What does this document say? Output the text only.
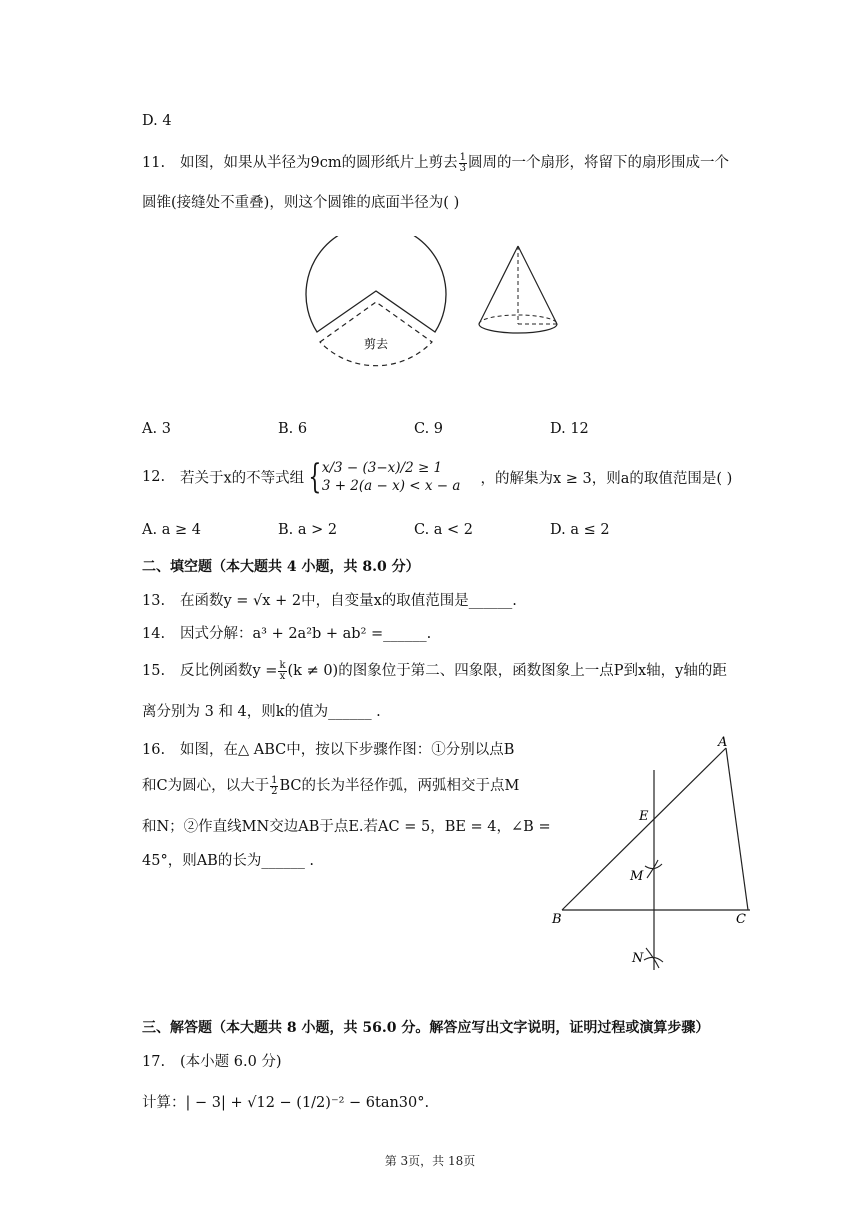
D. 4
11. 如图，如果从半径为9cm的圆形纸片上剪去 $\frac{1}{3}$ 圆周的一个扇形，将留下的扇形围成一个
圆锥(接缝处不重叠)，则这个圆锥的底面半径为( )
剪去
A. 3	B. 6	C. 9	D. 12
12. 若关于x的不等式组 { x/3 − (3−x)/2 ≥ 1
3 + 2(a − x) < x − a ，的解集为x ≥ 3，则a的取值范围是( )
A. a ≥ 4	B. a > 2	C. a < 2	D. a ≤ 2
二、填空题（本大题共 4 小题，共 8.0 分）
13. 在函数y = √x + 2中，自变量x的取值范围是______.
14. 因式分解：a³ + 2a²b + ab² =______.
15. 反比例函数$y = \frac{k}{x} (k \ne 0)$的图象位于第二、四象限，函数图象上一点P到x轴，y轴的距
离分别为 3 和 4，则k的值为______ .
16. 如图，在△ ABC中，按以下步骤作图：①分别以点B
和C为圆心，以大于 $\frac{1}{2}$ BC的长为半径作弧，两弧相交于点M
和N；②作直线MN交边AB于点E.若AC = 5，BE = 4，∠B =
45°，则AB的长为______ .
A
B	C
E
M
N
三、解答题（本大题共 8 小题，共 56.0 分。解答应写出文字说明，证明过程或演算步骤）
17. (本小题 6.0 分)
计算：| − 3| + √12 − (1/2)⁻² − 6tan30°.
第 3页，共 18页
